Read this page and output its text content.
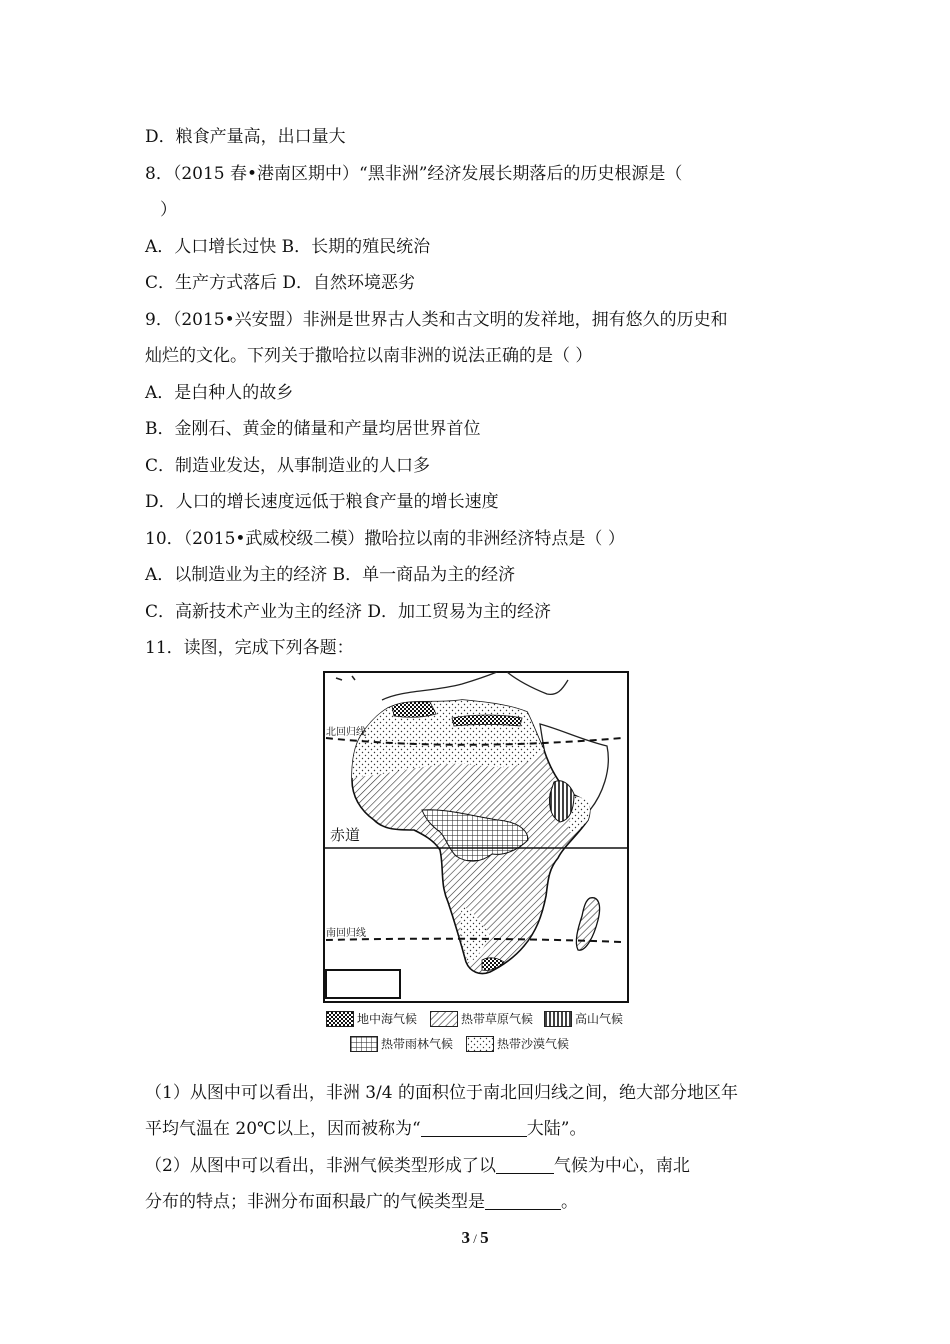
D．粮食产量高，出口量大
8．（2015 春•港南区期中）“黑非洲”经济发展长期落后的历史根源是（
）
A．人口增长过快 B．长期的殖民统治
C．生产方式落后 D．自然环境恶劣
9．（2015•兴安盟）非洲是世界古人类和古文明的发祥地，拥有悠久的历史和
灿烂的文化。下列关于撒哈拉以南非洲的说法正确的是（ ）
A．是白种人的故乡
B．金刚石、黄金的储量和产量均居世界首位
C．制造业发达，从事制造业的人口多
D．人口的增长速度远低于粮食产量的增长速度
10．（2015•武威校级二模）撒哈拉以南的非洲经济特点是（ ）
A．以制造业为主的经济 B．单一商品为主的经济
C．高新技术产业为主的经济 D．加工贸易为主的经济
11．读图，完成下列各题：
北回归线
赤道
南回归线
地中海气候	热带草原气候	高山气候
热带雨林气候	热带沙漠气候
（1）从图中可以看出，非洲 3/4 的面积位于南北回归线之间，绝大部分地区年
平均气温在 20℃以上，因而被称为“	大陆”。
（2）从图中可以看出，非洲气候类型形成了以	气候为中心，南北
分布的特点；非洲分布面积最广的气候类型是	。
3 / 5
